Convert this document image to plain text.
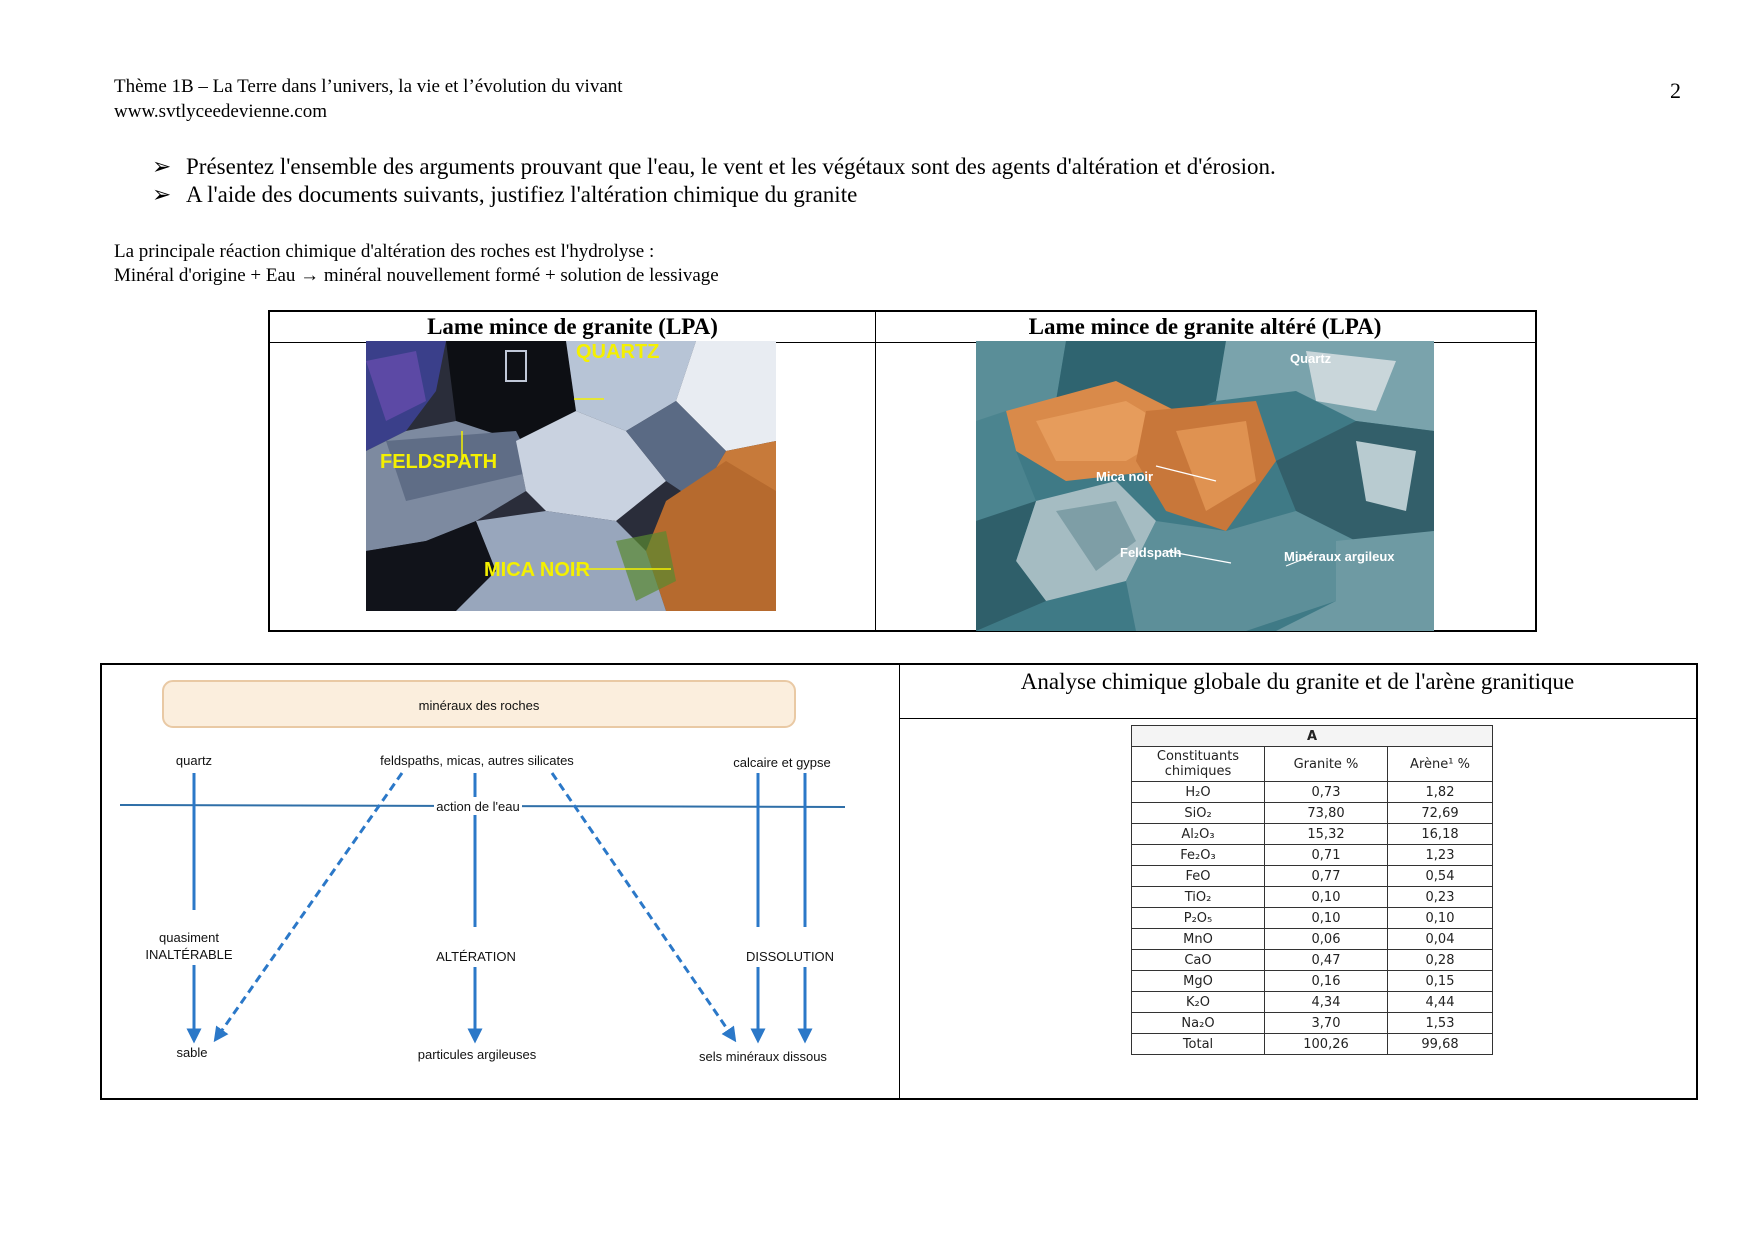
Thème 1B – La Terre dans l’univers, la vie et l’évolution du vivant
www.svtlyceedevienne.com
2
➢ Présentez l'ensemble des arguments prouvant que l'eau, le vent et les végétaux sont des agents d'altération et d'érosion.
➢ A l'aide des documents suivants, justifiez l'altération chimique du granite
La principale réaction chimique d'altération des roches est l'hydrolyse :
Minéral d'origine + Eau → minéral nouvellement formé + solution de lessivage
Lame mince de granite (LPA)	Lame mince de granite altéré (LPA)
QUARTZ
FELDSPATH
MICA NOIR
Quartz
Mica noir
Feldspath	Minéraux argileux
Analyse chimique globale du granite et de l'arène granitique
minéraux des roches
quartz	feldspaths, micas, autres silicates	calcaire et gypse
action de l'eau
quasiment
INALTÉRABLE	ALTÉRATION	DISSOLUTION
sable	particules argileuses	sels minéraux dissous
A		
Constituants chimiques	Granite %	Arène¹ %
H₂O	0,73	1,82
SiO₂	73,80	72,69
Al₂O₃	15,32	16,18
Fe₂O₃	0,71	1,23
FeO	0,77	0,54
TiO₂	0,10	0,23
P₂O₅	0,10	0,10
MnO	0,06	0,04
CaO	0,47	0,28
MgO	0,16	0,15
K₂O	4,34	4,44
Na₂O	3,70	1,53
Total	100,26	99,68
